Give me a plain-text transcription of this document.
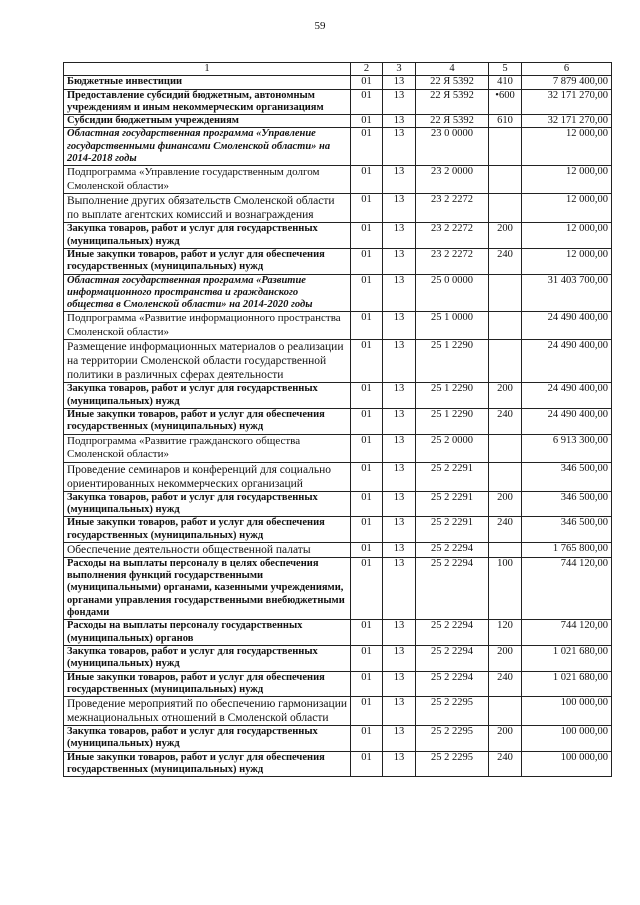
59
1	2	3	4	5	6
Бюджетные инвестиции	01	13	22 Я 5392	410	7 879 400,00
Предоставление субсидий бюджетным, автономным учреждениям и иным некоммерческим организациям	01	13	22 Я 5392	•600	32 171 270,00
Субсидии бюджетным учреждениям	01	13	22 Я 5392	610	32 171 270,00
Областная государственная программа «Управление государственными финансами Смоленской области» на 2014-2018 годы	01	13	23 0 0000		12 000,00
Подпрограмма «Управление государственным долгом Смоленской области»	01	13	23 2 0000		12 000,00
Выполнение других обязательств Смоленской области по выплате агентских комиссий и вознаграждения	01	13	23 2 2272		12 000,00
Закупка товаров, работ и услуг для государственных (муниципальных) нужд	01	13	23 2 2272	200	12 000,00
Иные закупки товаров, работ и услуг для обеспечения государственных (муниципальных) нужд	01	13	23 2 2272	240	12 000,00
Областная государственная программа «Развитие информационного пространства и гражданского общества в Смоленской области» на 2014-2020 годы	01	13	25 0 0000		31 403 700,00
Подпрограмма «Развитие информационного пространства Смоленской области»	01	13	25 1 0000		24 490 400,00
Размещение информационных материалов о реализации на территории Смоленской области государственной политики в различных сферах деятельности	01	13	25 1 2290		24 490 400,00
Закупка товаров, работ и услуг для государственных (муниципальных) нужд	01	13	25 1 2290	200	24 490 400,00
Иные закупки товаров, работ и услуг для обеспечения государственных (муниципальных) нужд	01	13	25 1 2290	240	24 490 400,00
Подпрограмма «Развитие гражданского общества Смоленской области»	01	13	25 2 0000		6 913 300,00
Проведение семинаров и конференций для социально ориентированных некоммерческих организаций	01	13	25 2 2291		346 500,00
Закупка товаров, работ и услуг для государственных (муниципальных) нужд	01	13	25 2 2291	200	346 500,00
Иные закупки товаров, работ и услуг для обеспечения государственных (муниципальных) нужд	01	13	25 2 2291	240	346 500,00
Обеспечение деятельности общественной палаты	01	13	25 2 2294		1 765 800,00
Расходы на выплаты персоналу в целях обеспечения выполнения функций государственными (муниципальными) органами, казенными учреждениями, органами управления государственными внебюджетными фондами	01	13	25 2 2294	100	744 120,00
Расходы на выплаты персоналу государственных (муниципальных) органов	01	13	25 2 2294	120	744 120,00
Закупка товаров, работ и услуг для государственных (муниципальных) нужд	01	13	25 2 2294	200	1 021 680,00
Иные закупки товаров, работ и услуг для обеспечения государственных (муниципальных) нужд	01	13	25 2 2294	240	1 021 680,00
Проведение мероприятий по обеспечению гармонизации межнациональных отношений в Смоленской области	01	13	25 2 2295		100 000,00
Закупка товаров, работ и услуг для государственных (муниципальных) нужд	01	13	25 2 2295	200	100 000,00
Иные закупки товаров, работ и услуг для обеспечения государственных (муниципальных) нужд	01	13	25 2 2295	240	100 000,00
